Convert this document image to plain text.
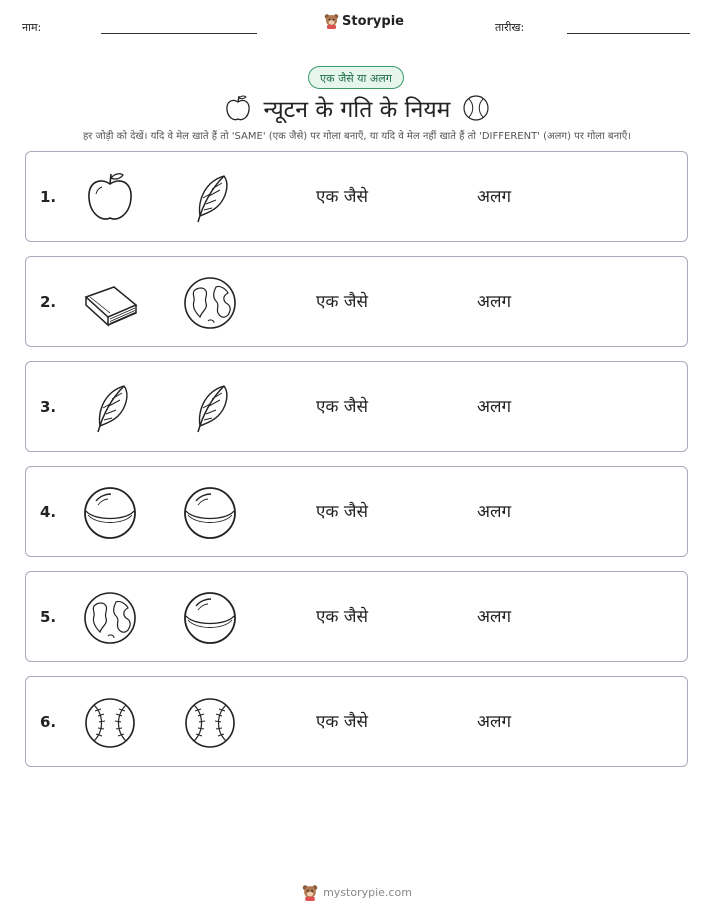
नाम:	Storypie	तारीख:
एक जैसे या अलग
न्यूटन के गति के नियम
हर जोड़ी को देखें। यदि वे मेल खाते हैं तो 'SAME' (एक जैसे) पर गोला बनाएँ, या यदि वे मेल नहीं खाते हैं तो 'DIFFERENT' (अलग) पर गोला बनाएँ।
1.	एक जैसे	अलग
2.	एक जैसे	अलग
3.	एक जैसे	अलग
4.	एक जैसे	अलग
5.	एक जैसे	अलग
6.	एक जैसे	अलग
mystorypie.com
